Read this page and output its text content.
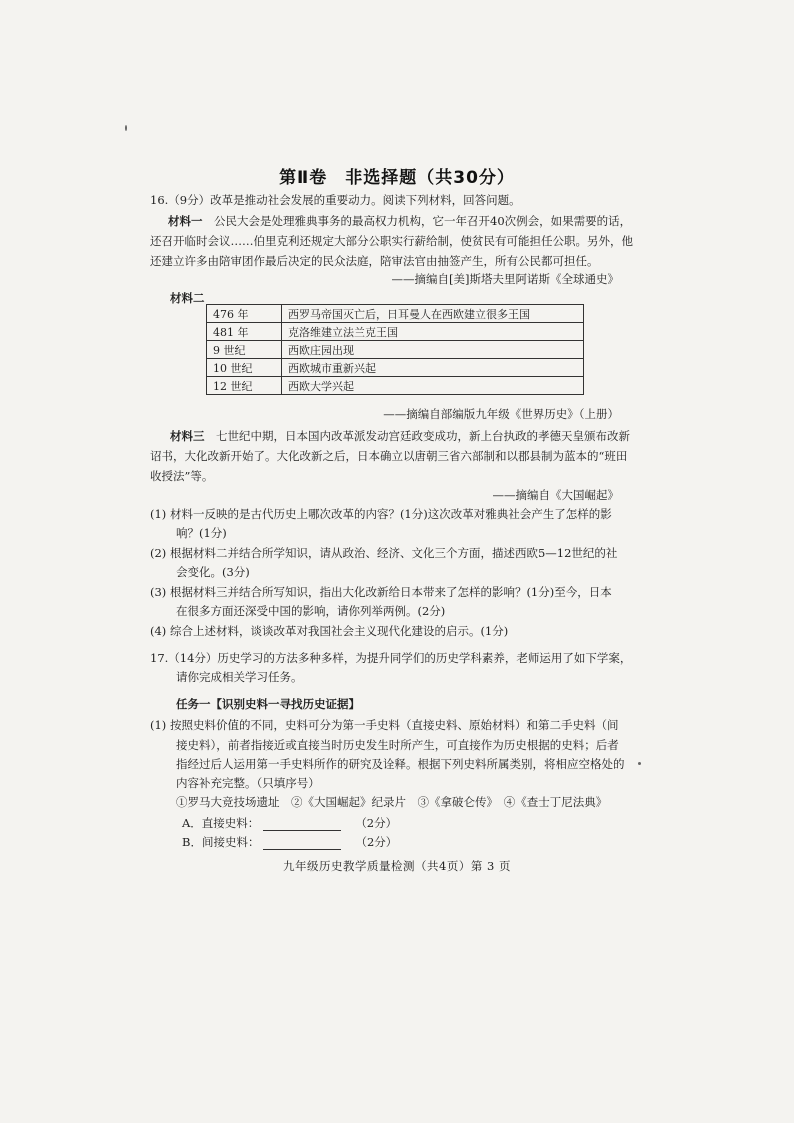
第Ⅱ卷　非选择题（共30分）
16.（9分）改革是推动社会发展的重要动力。阅读下列材料，回答问题。
材料一　公民大会是处理雅典事务的最高权力机构，它一年召开40次例会，如果需要的话，
还召开临时会议……伯里克利还规定大部分公职实行薪给制，使贫民有可能担任公职。另外，他
还建立许多由陪审团作最后决定的民众法庭，陪审法官由抽签产生，所有公民都可担任。
——摘编自[美]斯塔夫里阿诺斯《全球通史》
材料二
476 年	西罗马帝国灭亡后，日耳曼人在西欧建立很多王国
481 年	克洛维建立法兰克王国
9 世纪	西欧庄园出现
10 世纪	西欧城市重新兴起
12 世纪	西欧大学兴起
——摘编自部编版九年级《世界历史》（上册）
材料三　七世纪中期，日本国内改革派发动宫廷政变成功，新上台执政的孝德天皇颁布改新
诏书，大化改新开始了。大化改新之后，日本确立以唐朝三省六部制和以郡县制为蓝本的“班田
收授法”等。
——摘编自《大国崛起》
(1) 材料一反映的是古代历史上哪次改革的内容？(1分)这次改革对雅典社会产生了怎样的影
响？(1分)
(2) 根据材料二并结合所学知识，请从政治、经济、文化三个方面，描述西欧5—12世纪的社
会变化。(3分)
(3) 根据材料三并结合所写知识，指出大化改新给日本带来了怎样的影响？(1分)至今，日本
在很多方面还深受中国的影响，请你列举两例。(2分)
(4) 综合上述材料，谈谈改革对我国社会主义现代化建设的启示。(1分)
17.（14分）历史学习的方法多种多样，为提升同学们的历史学科素养，老师运用了如下学案，
请你完成相关学习任务。
任务一【识别史料一寻找历史证据】
(1) 按照史料价值的不同，史料可分为第一手史料（直接史料、原始材料）和第二手史料（间
接史料），前者指接近或直接当时历史发生时所产生，可直接作为历史根据的史料；后者
指经过后人运用第一手史料所作的研究及诠释。根据下列史料所属类别，将相应空格处的
内容补充完整。（只填序号）
①罗马大竞技场遗址　②《大国崛起》纪录片　③《拿破仑传》　④《查士丁尼法典》
A．直接史料：	（2分）
B．间接史料：	（2分）
九年级历史教学质量检测（共4页）第 3 页
